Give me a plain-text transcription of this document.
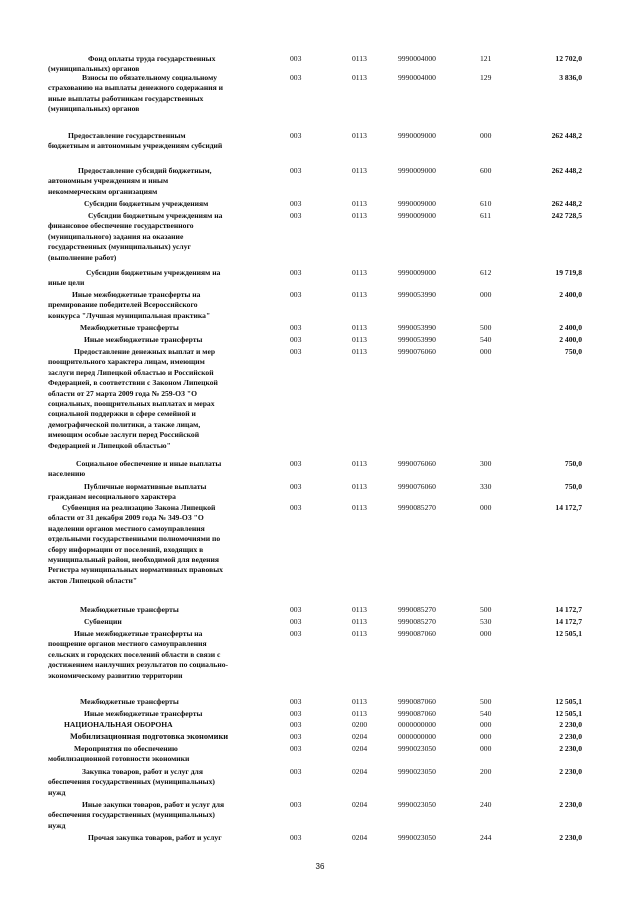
Фонд оплаты труда государственных
(муниципальных) органов
003	0113	9990004000	121	12 702,0
Взносы по обязательному социальному
страхованию на выплаты денежного содержания и
иные выплаты работникам государственных
(муниципальных) органов
003	0113	9990004000	129	3 836,0
Предоставление государственным
бюджетным и автономным учреждениям субсидий
003	0113	9990009000	000	262 448,2
Предоставление субсидий бюджетным,
автономным учреждениям и иным
некоммерческим организациям
003	0113	9990009000	600	262 448,2
Субсидии бюджетным учреждениям	003	0113	9990009000	610	262 448,2
Субсидии бюджетным учреждениям на
финансовое обеспечение государственного
(муниципального) задания на оказание
государственных (муниципальных) услуг
(выполнение работ)
003	0113	9990009000	611	242 728,5
Субсидии бюджетным учреждениям на
иные цели
003	0113	9990009000	612	19 719,8
Иные межбюджетные трансферты на
премирование победителей Всероссийского
конкурса "Лучшая муниципальная практика"
003	0113	9990053990	000	2 400,0
Межбюджетные трансферты	003	0113	9990053990	500	2 400,0
Иные межбюджетные трансферты	003	0113	9990053990	540	2 400,0
Предоставление денежных выплат и мер
поощрительного характера лицам, имеющим
заслуги перед Липецкой областью и Российской
Федерацией, в соответствии с Законом Липецкой
области от 27 марта 2009 года № 259-ОЗ "О
социальных, поощрительных выплатах и мерах
социальной поддержки в сфере семейной и
демографической политики, а также лицам,
имеющим особые заслуги перед Российской
Федерацией и Липецкой областью"
003	0113	9990076060	000	750,0
Социальное обеспечение и иные выплаты
населению
003	0113	9990076060	300	750,0
Публичные нормативные выплаты
гражданам несоциального характера
003	0113	9990076060	330	750,0
Субвенция на реализацию Закона Липецкой
области от 31 декабря 2009 года № 349-ОЗ "О
наделении органов местного самоуправления
отдельными государственными полномочиями по
сбору информации от поселений, входящих в
муниципальный район, необходимой для ведения
Регистра муниципальных нормативных правовых
актов Липецкой области"
003	0113	9990085270	000	14 172,7
Межбюджетные трансферты	003	0113	9990085270	500	14 172,7
Субвенции	003	0113	9990085270	530	14 172,7
Иные межбюджетные трансферты на
поощрение органов местного самоуправления
сельских и городских поселений области в связи с
достижением наилучших результатов по социально-
экономическому развитию территории
003	0113	9990087060	000	12 505,1
Межбюджетные трансферты	003	0113	9990087060	500	12 505,1
Иные межбюджетные трансферты	003	0113	9990087060	540	12 505,1
НАЦИОНАЛЬНАЯ ОБОРОНА	003	0200	0000000000	000	2 230,0
Мобилизационная подготовка экономики	003	0204	0000000000	000	2 230,0
Мероприятия по обеспечению
мобилизационной готовности экономики
003	0204	9990023050	000	2 230,0
Закупка товаров, работ и услуг для
обеспечения государственных (муниципальных)
нужд
003	0204	9990023050	200	2 230,0
Иные закупки товаров, работ и услуг для
обеспечения государственных (муниципальных)
нужд
003	0204	9990023050	240	2 230,0
Прочая закупка товаров, работ и услуг	003	0204	9990023050	244	2 230,0
36
